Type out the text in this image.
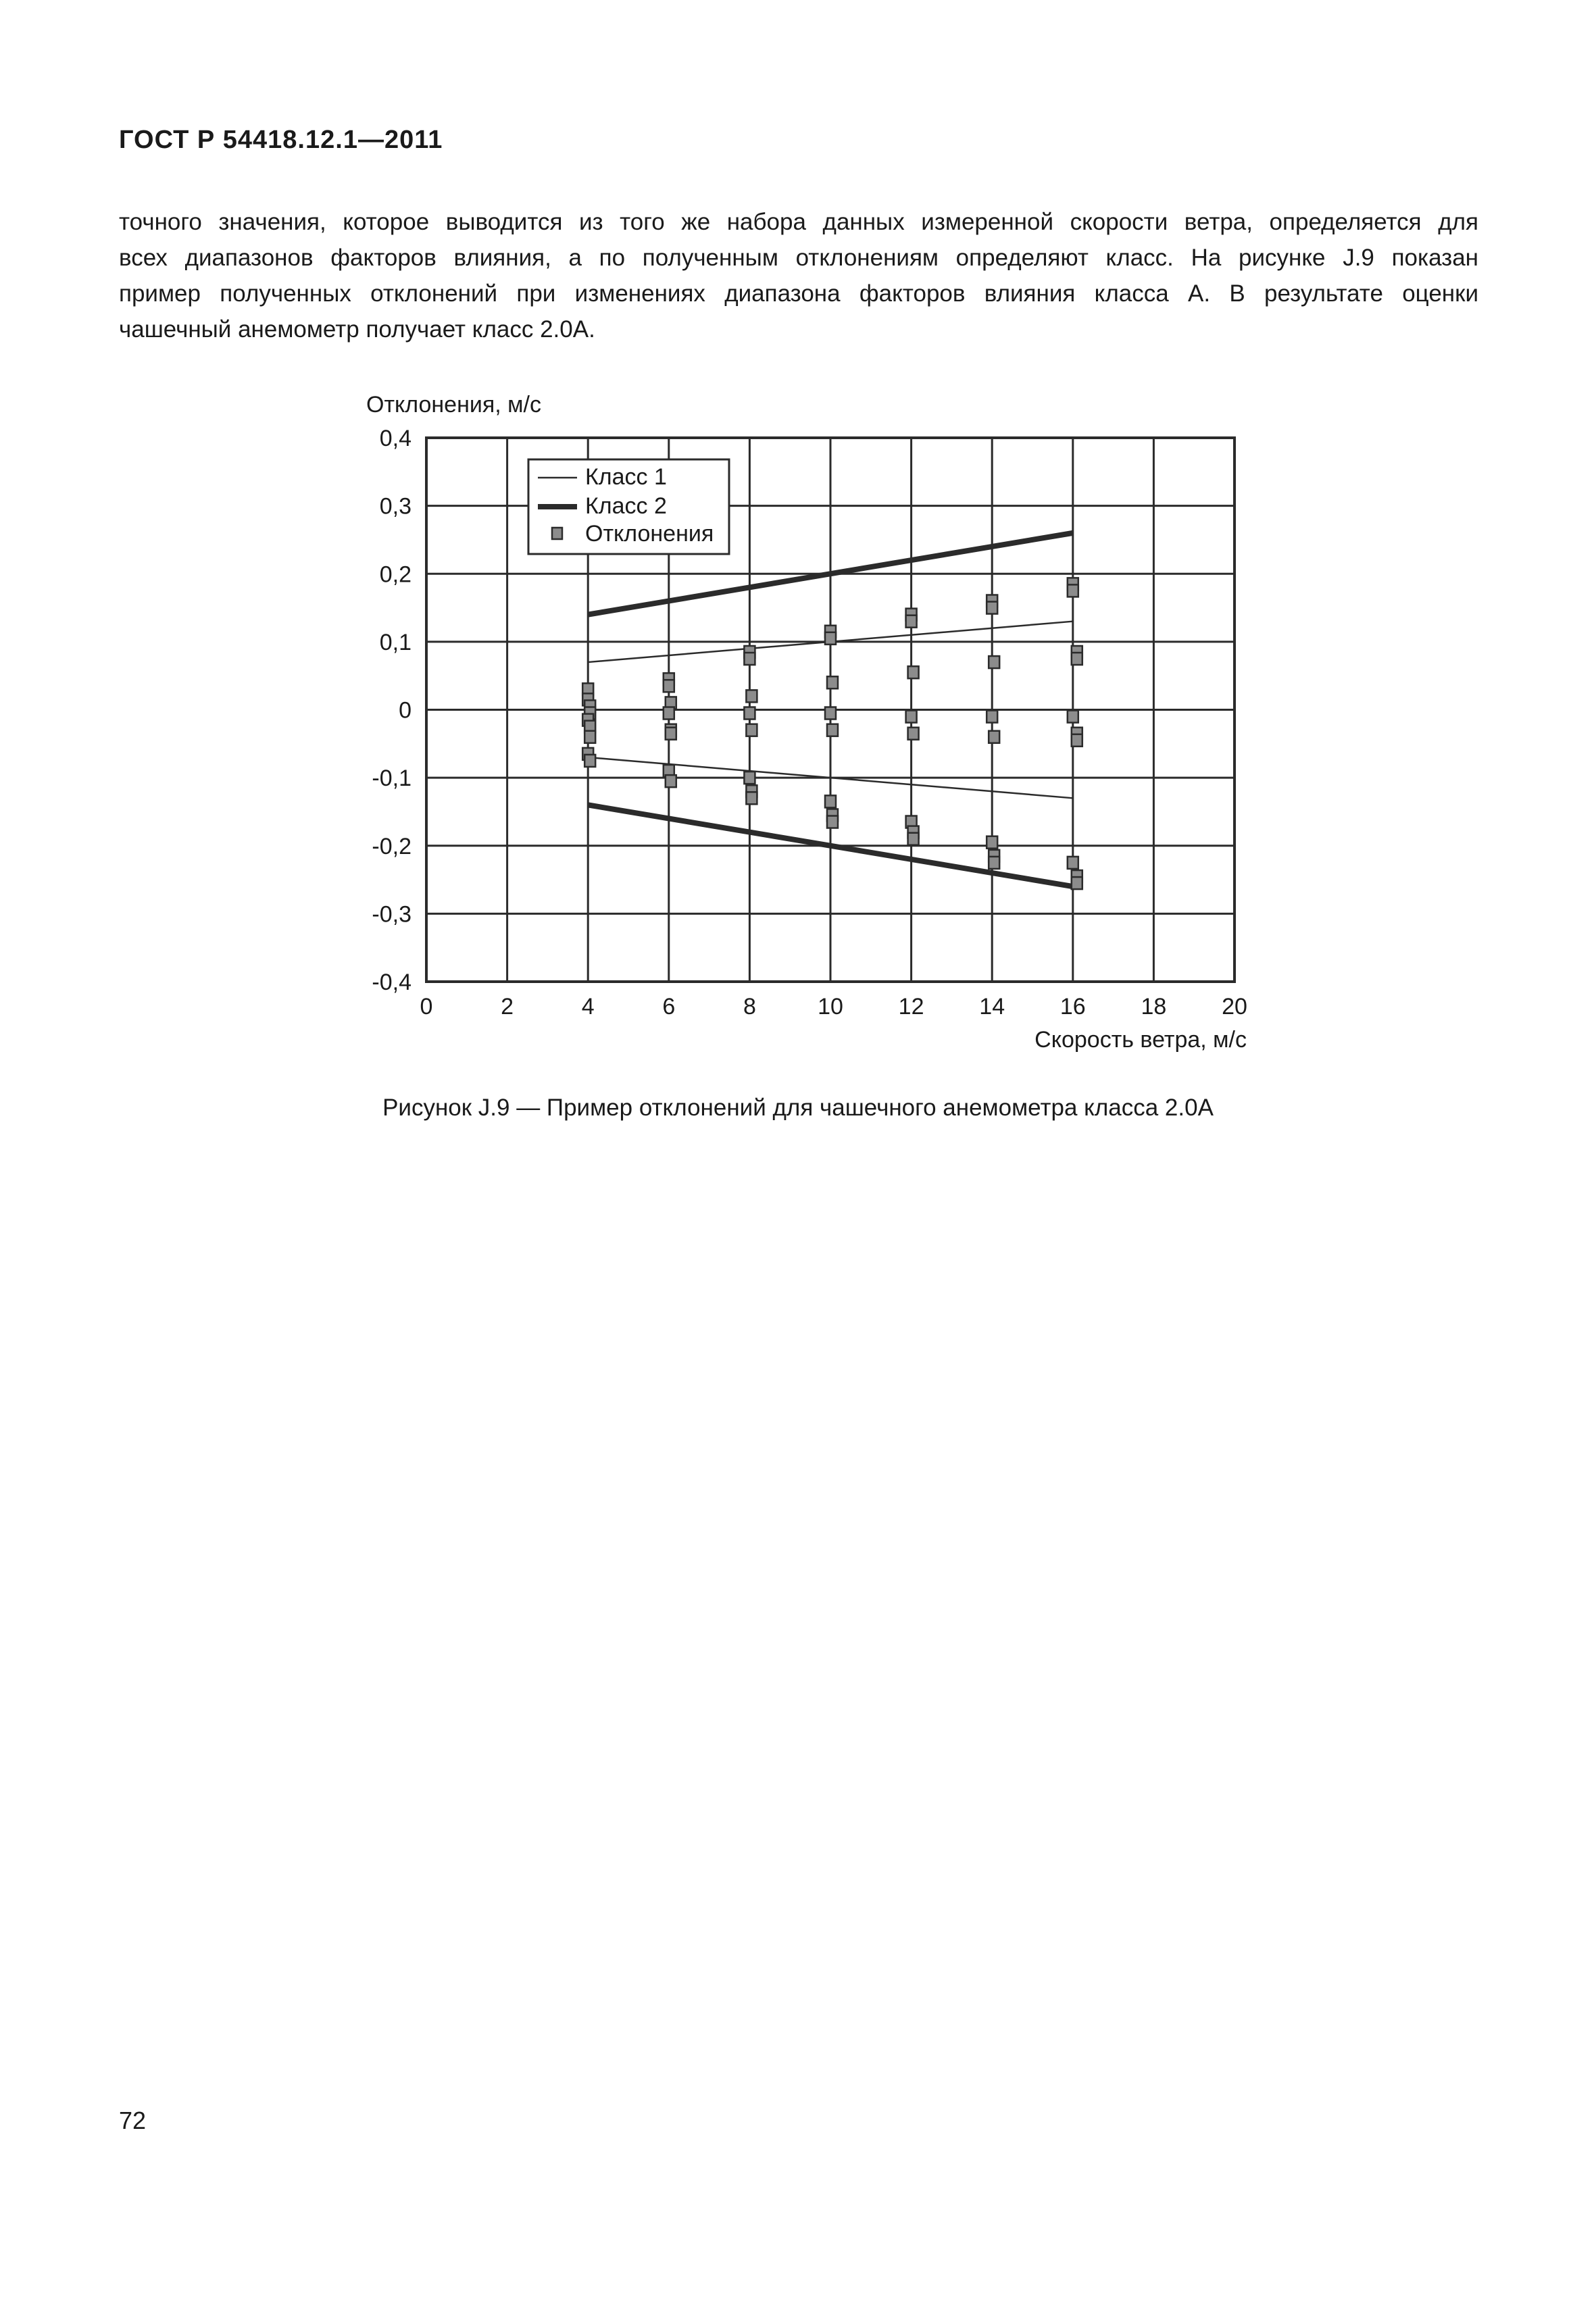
ГОСТ Р 54418.12.1—2011
точного значения, которое выводится из того же набора данных измеренной скорости ветра, определяется для
всех диапазонов факторов влияния, а по полученным отклонениям определяют класс. На рисунке J.9 показан
пример полученных отклонений при изменениях диапазона факторов влияния класса А. В результате оценки
чашечный анемометр получает класс 2.0А.
0	2	4	6	8	10 12 14 16 18 20
-0,4
-0,3
-0,2
-0,1
0
0,1
0,2
0,3
0,4
Класс 1
Класс 2
Отклонения
Отклонения, м/с
Скорость ветра, м/с
Рисунок J.9 — Пример отклонений для чашечного анемометра класса 2.0А
72
